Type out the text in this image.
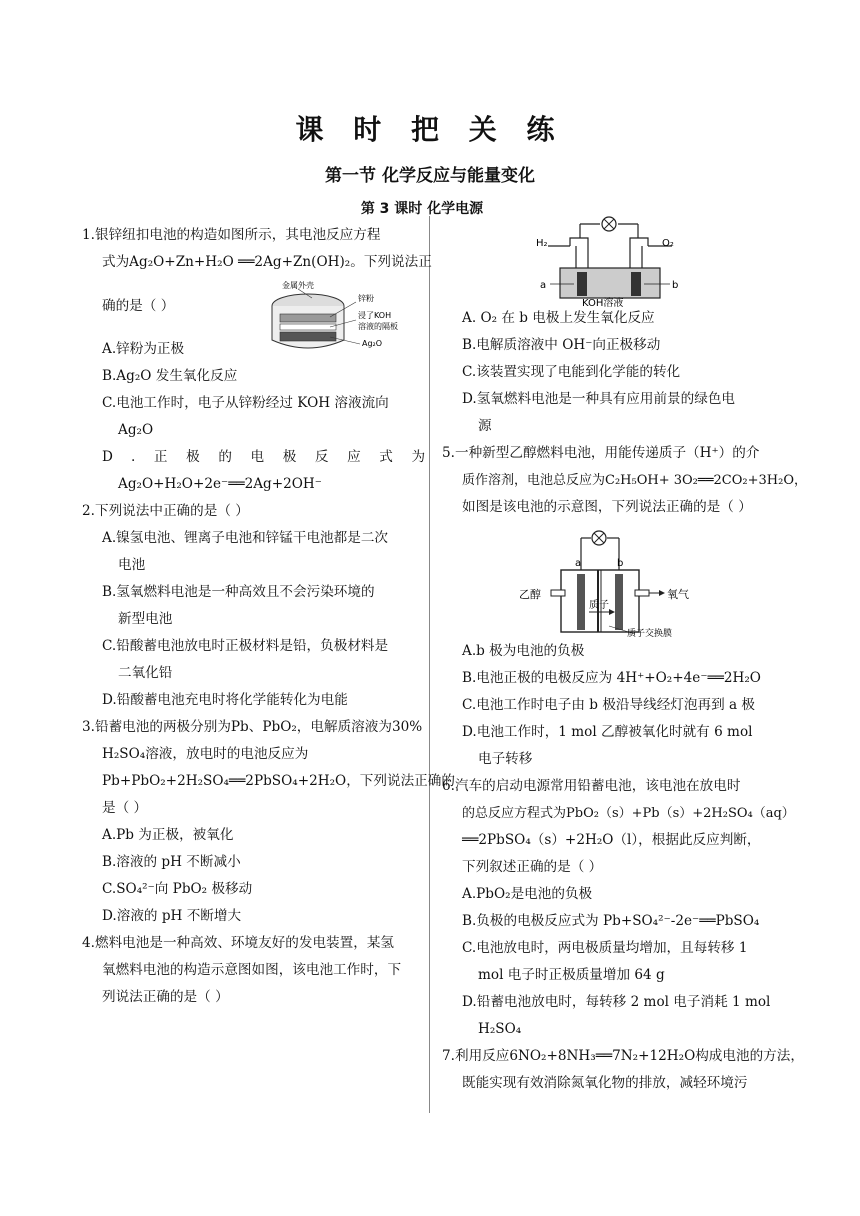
课 时 把 关 练
第一节 化学反应与能量变化
第 3 课时 化学电源
1.银锌纽扣电池的构造如图所示，其电池反应方程
式为Ag₂O+Zn+H₂O ══2Ag+Zn(OH)₂。下列说法正
确的是（ ）
A.锌粉为正极
B.Ag₂O 发生氧化反应
C.电池工作时，电子从锌粉经过 KOH 溶液流向
Ag₂O
D.正极的电极反应式为
Ag₂O+H₂O+2e⁻══2Ag+2OH⁻
2.下列说法中正确的是（ ）
A.镍氢电池、锂离子电池和锌锰干电池都是二次
电池
B.氢氧燃料电池是一种高效且不会污染环境的
新型电池
C.铅酸蓄电池放电时正极材料是铅，负极材料是
二氧化铅
D.铅酸蓄电池充电时将化学能转化为电能
3.铅蓄电池的两极分别为Pb、PbO₂，电解质溶液为30%
H₂SO₄溶液，放电时的电池反应为
Pb+PbO₂+2H₂SO₄══2PbSO₄+2H₂O，下列说法正确的
是（ ）
A.Pb 为正极，被氧化
B.溶液的 pH 不断减小
C.SO₄²⁻向 PbO₂ 极移动
D.溶液的 pH 不断增大
4.燃料电池是一种高效、环境友好的发电装置，某氢
氧燃料电池的构造示意图如图，该电池工作时，下
列说法正确的是（ ）
金属外壳
锌粉
浸了KOH
溶液的隔板
Ag₂O
H₂	O₂
a	b
KOH溶液
A. O₂ 在 b 电极上发生氧化反应
B.电解质溶液中 OH⁻向正极移动
C.该装置实现了电能到化学能的转化
D.氢氧燃料电池是一种具有应用前景的绿色电
源
5.一种新型乙醇燃料电池，用能传递质子（H⁺）的介
质作溶剂，电池总反应为C₂H₅OH+ 3O₂══2CO₂+3H₂O，
如图是该电池的示意图，下列说法正确的是（ ）
a	b
乙醇	氧气
质子
质子交换膜
A.b 极为电池的负极
B.电池正极的电极反应为 4H⁺+O₂+4e⁻══2H₂O
C.电池工作时电子由 b 极沿导线经灯泡再到 a 极
D.电池工作时，1 mol 乙醇被氧化时就有 6 mol
电子转移
6.汽车的启动电源常用铅蓄电池，该电池在放电时
的总反应方程式为PbO₂（s）+Pb（s）+2H₂SO₄（aq）
══2PbSO₄（s）+2H₂O（l），根据此反应判断，
下列叙述正确的是（ ）
A.PbO₂是电池的负极
B.负极的电极反应式为 Pb+SO₄²⁻-2e⁻══PbSO₄
C.电池放电时，两电极质量均增加，且每转移 1
mol 电子时正极质量增加 64 g
D.铅蓄电池放电时，每转移 2 mol 电子消耗 1 mol
H₂SO₄
7.利用反应6NO₂+8NH₃══7N₂+12H₂O构成电池的方法，
既能实现有效消除氮氧化物的排放，减轻环境污
